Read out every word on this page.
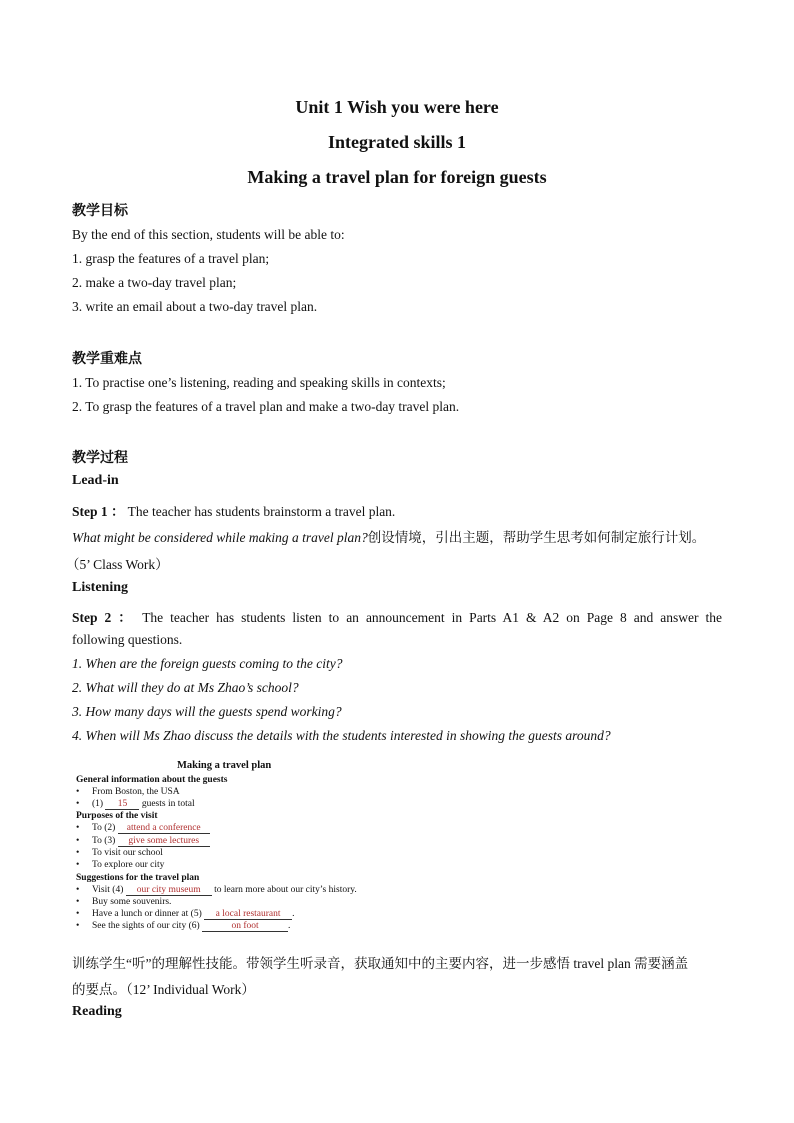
Unit 1 Wish you were here
Integrated skills 1
Making a travel plan for foreign guests
教学目标
By the end of this section, students will be able to:
1. grasp the features of a travel plan;
2. make a two-day travel plan;
3. write an email about a two-day travel plan.
教学重难点
1. To practise one’s listening, reading and speaking skills in contexts;
2. To grasp the features of a travel plan and make a two-day travel plan.
教学过程
Lead-in
Step 1 ： The teacher has students brainstorm a travel plan.
What might be considered while making a travel plan?创设情境，引出主题，帮助学生思考如何制定旅行计划。
（5’ Class Work）
Listening
Step 2 ： The teacher has students listen to an announcement in Parts A1 & A2 on Page 8 and answer the
following questions.
1. When are the foreign guests coming to the city?
2. What will they do at Ms Zhao’s school?
3. How many days will the guests spend working?
4. When will Ms Zhao discuss the details with the students interested in showing the guests around?
Making a travel plan
General information about the guests
• From Boston, the USA
• (1) 15 guests in total
Purposes of the visit
• To (2) attend a conference
• To (3) give some lectures
• To visit our school
• To explore our city
Suggestions for the travel plan
• Visit (4) our city museum to learn more about our city’s history.
• Buy some souvenirs.
• Have a lunch or dinner at (5) a local restaurant .
• See the sights of our city (6)	on foot	.
训练学生“听”的理解性技能。带领学生听录音，获取通知中的主要内容，进一步感悟 travel plan 需要涵盖
的要点。（12’ Individual Work）
Reading
